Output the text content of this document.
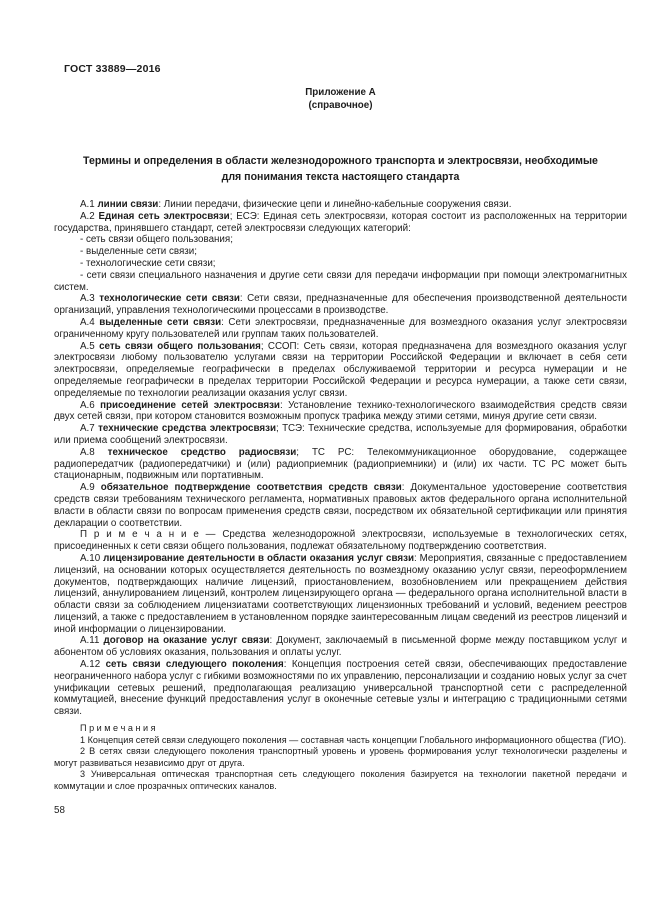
ГОСТ 33889—2016
Приложение А
(справочное)
Термины и определения в области железнодорожного транспорта и электросвязи, необходимые для понимания текста настоящего стандарта

А.1 линии связи: Линии передачи, физические цепи и линейно-кабельные сооружения связи.

А.2 Единая сеть электросвязи; ЕСЭ: Единая сеть электросвязи, которая состоит из расположенных на территории государства, принявшего стандарт, сетей электросвязи следующих категорий:

- сеть связи общего пользования;

- выделенные сети связи;

- технологические сети связи;

- сети связи специального назначения и другие сети связи для передачи информации при помощи электромагнитных систем.

А.3 технологические сети связи: Сети связи, предназначенные для обеспечения производственной деятельности организаций, управления технологическими процессами в производстве.

А.4 выделенные сети связи: Сети электросвязи, предназначенные для возмездного оказания услуг электросвязи ограниченному кругу пользователей или группам таких пользователей.

А.5 сеть связи общего пользования; ССОП: Сеть связи, которая предназначена для возмездного оказания услуг электросвязи любому пользователю услугами связи на территории Российской Федерации и включает в себя сети электросвязи, определяемые географически в пределах обслуживаемой территории и ресурса нумерации и не определяемые географически в пределах территории Российской Федерации и ресурса нумерации, а также сети связи, определяемые по технологии реализации оказания услуг связи.

А.6 присоединение сетей электросвязи: Установление технико-технологического взаимодействия средств связи двух сетей связи, при котором становится возможным пропуск трафика между этими сетями, минуя другие сети связи.

А.7 технические средства электросвязи; ТСЭ: Технические средства, используемые для формирования, обработки или приема сообщений электросвязи.

А.8 техническое средство радиосвязи; ТС РС: Телекоммуникационное оборудование, содержащее радиопередатчик (радиопередатчики) и (или) радиоприемник (радиоприемники) и (или) их части. ТС РС может быть стационарным, подвижным или портативным.

А.9 обязательное подтверждение соответствия средств связи: Документальное удостоверение соответствия средств связи требованиям технического регламента, нормативных правовых актов федерального органа исполнительной власти в области связи по вопросам применения средств связи, посредством их обязательной сертификации или принятия декларации о соответствии.

П р и м е ч а н и е — Средства железнодорожной электросвязи, используемые в технологических сетях, присоединенных к сети связи общего пользования, подлежат обязательному подтверждению соответствия.

А.10 лицензирование деятельности в области оказания услуг связи: Мероприятия, связанные с предоставлением лицензий, на основании которых осуществляется деятельность по возмездному оказанию услуг связи, переоформлением документов, подтверждающих наличие лицензий, приостановлением, возобновлением или прекращением действия лицензий, аннулированием лицензий, контролем лицензирующего органа — федерального органа исполнительной власти в области связи за соблюдением лицензиатами соответствующих лицензионных требований и условий, ведением реестров лицензий, а также с предоставлением в установленном порядке заинтересованным лицам сведений из реестров лицензий и иной информации о лицензировании.

А.11 договор на оказание услуг связи: Документ, заключаемый в письменной форме между поставщиком услуг и абонентом об условиях оказания, пользования и оплаты услуг.

А.12 сеть связи следующего поколения: Концепция построения сетей связи, обеспечивающих предоставление неограниченного набора услуг с гибкими возможностями по их управлению, персонализации и созданию новых услуг за счет унификации сетевых решений, предполагающая реализацию универсальной транспортной сети с распределенной коммутацией, внесение функций предоставления услуг в оконечные сетевые узлы и интеграцию с традиционными сетями связи.

П р и м е ч а н и я

1 Концепция сетей связи следующего поколения — составная часть концепции Глобального информационного общества (ГИО).

2 В сетях связи следующего поколения транспортный уровень и уровень формирования услуг технологически разделены и могут развиваться независимо друг от друга.

3 Универсальная оптическая транспортная сеть следующего поколения базируется на технологии пакетной передачи и коммутации и слое прозрачных оптических каналов.

58
